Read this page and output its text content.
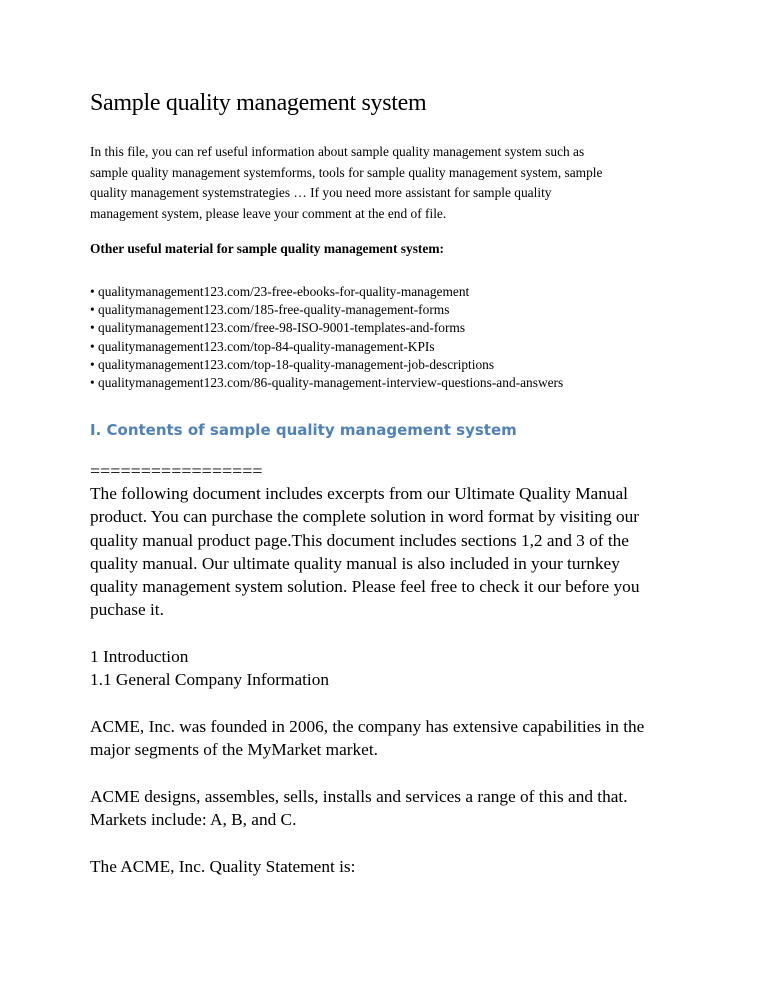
Sample quality management system

In this file, you can ref useful information about sample quality management system such as
sample quality management systemforms, tools for sample quality management system, sample
quality management systemstrategies … If you need more assistant for sample quality
management system, please leave your comment at the end of file.

Other useful material for sample quality management system:

• qualitymanagement123.com/23-free-ebooks-for-quality-management
• qualitymanagement123.com/185-free-quality-management-forms
• qualitymanagement123.com/free-98-ISO-9001-templates-and-forms
• qualitymanagement123.com/top-84-quality-management-KPIs
• qualitymanagement123.com/top-18-quality-management-job-descriptions
• qualitymanagement123.com/86-quality-management-interview-questions-and-answers
I. Contents of sample quality management system

=================

The following document includes excerpts from our Ultimate Quality Manual
product. You can purchase the complete solution in word format by visiting our
quality manual product page.This document includes sections 1,2 and 3 of the
quality manual. Our ultimate quality manual is also included in your turnkey
quality management system solution. Please feel free to check it our before you
puchase it.

1 Introduction
1.1 General Company Information

ACME, Inc. was founded in 2006, the company has extensive capabilities in the
major segments of the MyMarket market.

ACME designs, assembles, sells, installs and services a range of this and that.
Markets include: A, B, and C.

The ACME, Inc. Quality Statement is:
